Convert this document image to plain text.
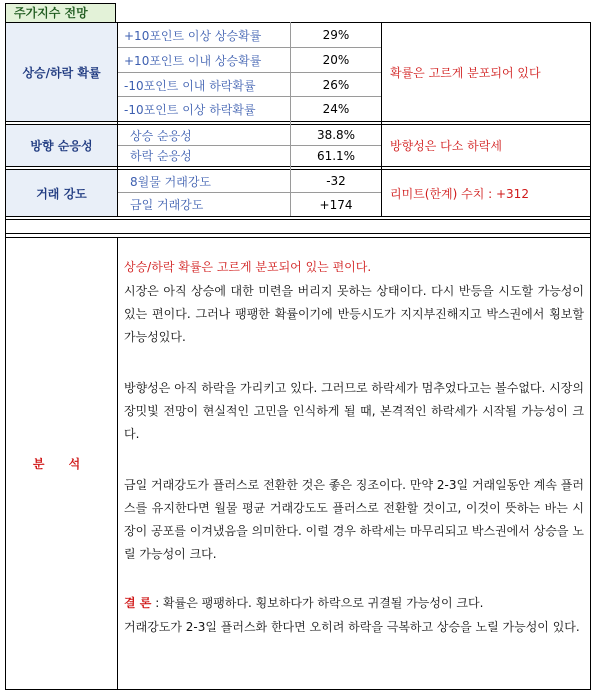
주가지수 전망
상승/하락 확률
+10포인트 이상 상승확률	29%
+10포인트 이내 상승확률	20%
-10포인트 이내 하락확률	26%
-10포인트 이상 하락확률	24%
확률은 고르게 분포되어 있다
방향 순응성
상승 순응성	38.8%
하락 순응성	61.1%
방향성은 다소 하락세
거래 강도
8월물 거래강도	-32
금일 거래강도	+174
리미트(한계) 수치 : +312
분 석
상승/하락 확률은 고르게 분포되어 있는 편이다.
시장은 아직 상승에 대한 미련을 버리지 못하는 상태이다. 다시 반등을 시도할 가능성이 있는 편이다. 그러나 팽팽한 확률이기에 반등시도가 지지부진해지고 박스권에서 횡보할 가능성있다.
방향성은 아직 하락을 가리키고 있다. 그러므로 하락세가 멈추었다고는 볼수없다. 시장의 장밋빛 전망이 현실적인 고민을 인식하게 될 때, 본격적인 하락세가 시작될 가능성이 크다.
금일 거래강도가 플러스로 전환한 것은 좋은 징조이다. 만약 2-3일 거래일동안 계속 플러스를 유지한다면 월물 평균 거래강도도 플러스로 전환할 것이고, 이것이 뜻하는 바는 시장이 공포를 이겨냈음을 의미한다. 이럴 경우 하락세는 마무리되고 박스권에서 상승을 노릴 가능성이 크다.
결 론 : 확률은 팽팽하다. 횡보하다가 하락으로 귀결될 가능성이 크다.
거래강도가 2-3일 플러스화 한다면 오히려 하락을 극복하고 상승을 노릴 가능성이 있다.
